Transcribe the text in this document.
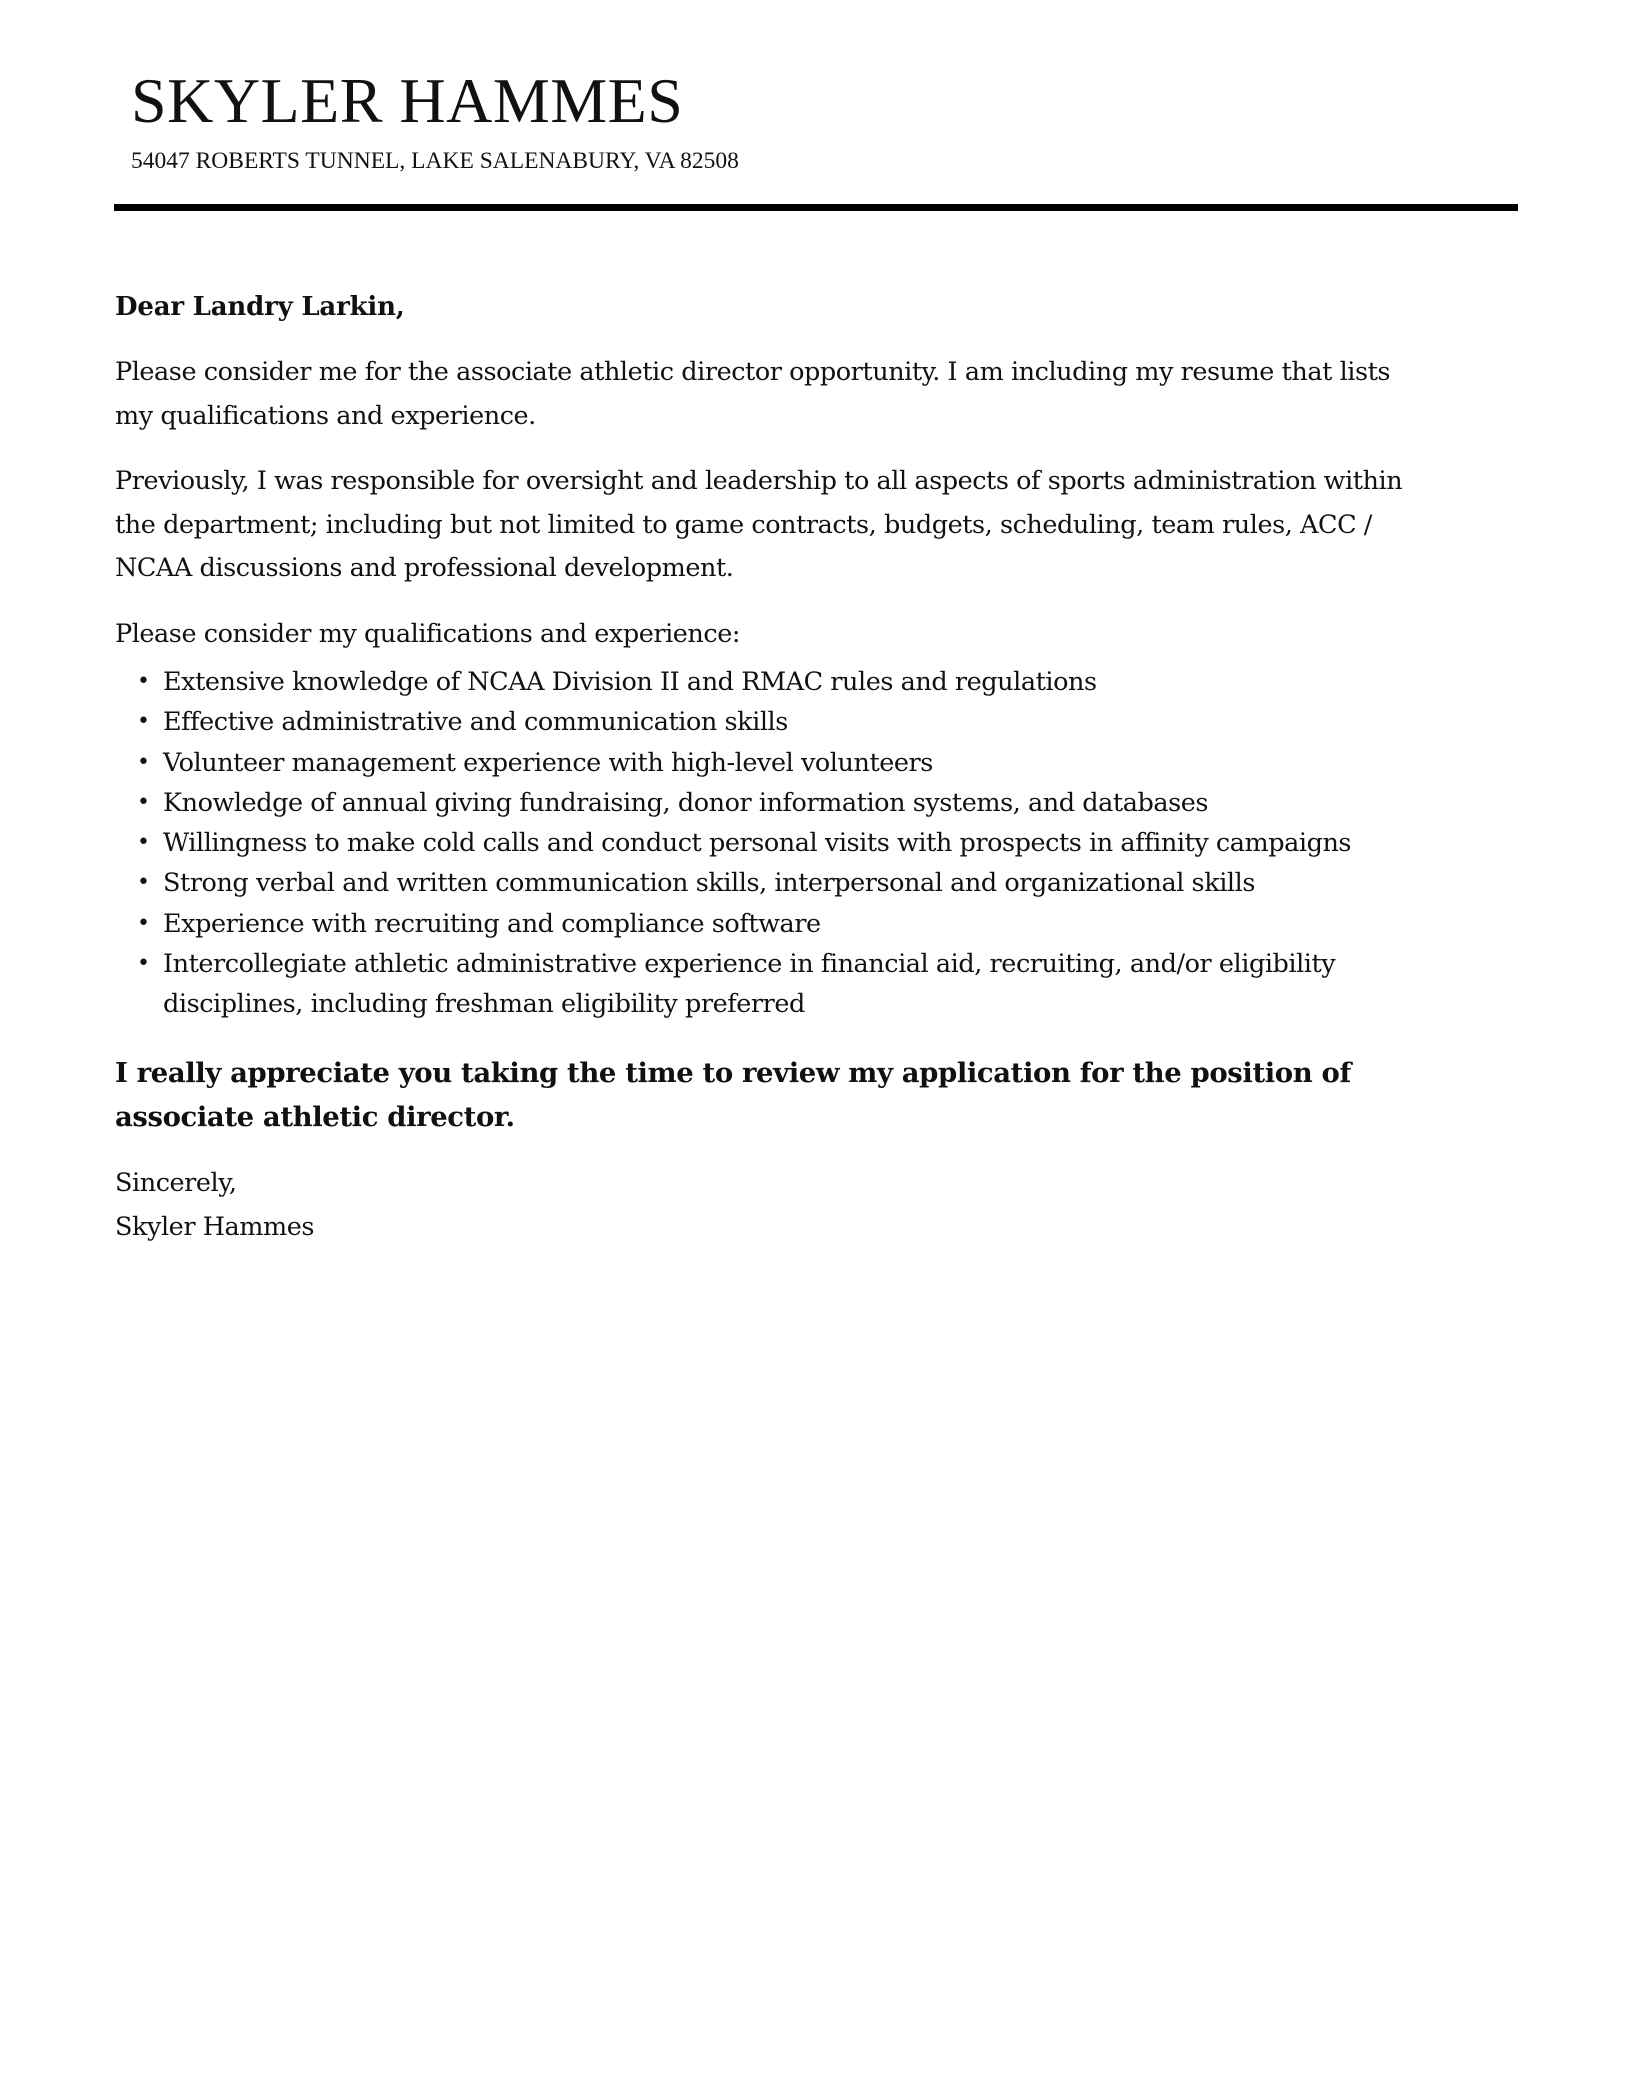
SKYLER HAMMES
54047 ROBERTS TUNNEL, LAKE SALENABURY, VA 82508
Dear Landry Larkin,

Please consider me for the associate athletic director opportunity. I am including my resume that lists
my qualifications and experience.

Previously, I was responsible for oversight and leadership to all aspects of sports administration within
the department; including but not limited to game contracts, budgets, scheduling, team rules, ACC /
NCAA discussions and professional development.

Please consider my qualifications and experience:

• Extensive knowledge of NCAA Division II and RMAC rules and regulations
• Effective administrative and communication skills
• Volunteer management experience with high-level volunteers
• Knowledge of annual giving fundraising, donor information systems, and databases
• Willingness to make cold calls and conduct personal visits with prospects in affinity campaigns
• Strong verbal and written communication skills, interpersonal and organizational skills
• Experience with recruiting and compliance software
• Intercollegiate athletic administrative experience in financial aid, recruiting, and/or eligibility
disciplines, including freshman eligibility preferred

I really appreciate you taking the time to review my application for the position of
associate athletic director.

Sincerely,
Skyler Hammes
